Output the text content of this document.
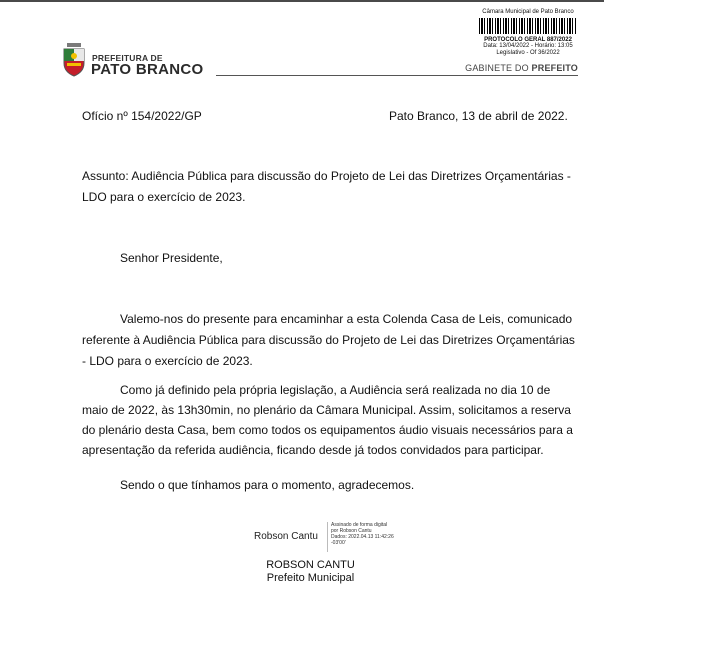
Câmara Municipal de Pato Branco
PROTOCOLO GERAL 887/2022
Data: 13/04/2022 - Horário: 13:05
Legislativo - Of 36/2022
PREFEITURA DE
PATO BRANCO	GABINETE DO PREFEITO
Ofício nº 154/2022/GP	Pato Branco, 13 de abril de 2022.
Assunto: Audiência Pública para discussão do Projeto de Lei das Diretrizes Orçamentárias -
LDO para o exercício de 2023.
Senhor Presidente,
Valemo-nos do presente para encaminhar a esta Colenda Casa de Leis, comunicado
referente à Audiência Pública para discussão do Projeto de Lei das Diretrizes Orçamentárias
- LDO para o exercício de 2023.
Como já definido pela própria legislação, a Audiência será realizada no dia 10 de
maio de 2022, às 13h30min, no plenário da Câmara Municipal. Assim, solicitamos a reserva
do plenário desta Casa, bem como todos os equipamentos áudio visuais necessários para a
apresentação da referida audiência, ficando desde já todos convidados para participar.
Sendo o que tínhamos para o momento, agradecemos.
Robson Cantu
Assinado de forma digital
por Robson Cantu
Dados: 2022.04.13 11:42:26
-03'00'
ROBSON CANTU
Prefeito Municipal
